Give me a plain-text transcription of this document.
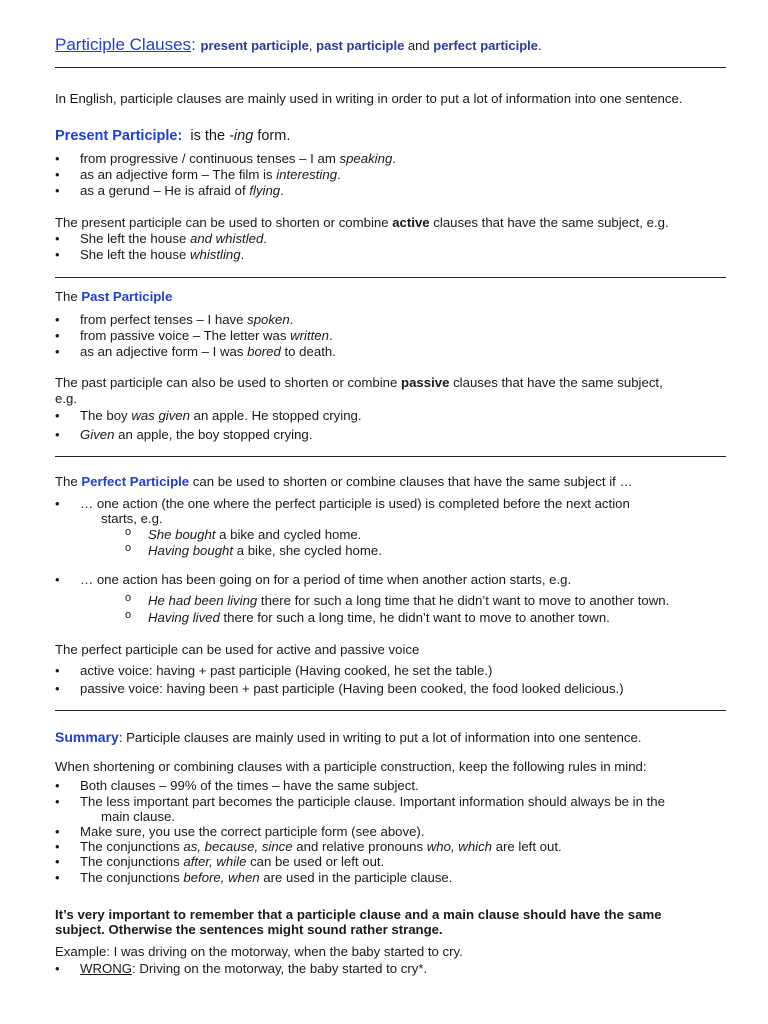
Participle Clauses: present participle, past participle and perfect participle.
In English, participle clauses are mainly used in writing in order to put a lot of information into one sentence.
Present Participle: is the -ing form.
• from progressive / continuous tenses – I am speaking.
• as an adjective form – The film is interesting.
• as a gerund – He is afraid of flying.
The present participle can be used to shorten or combine active clauses that have the same subject, e.g.
• She left the house and whistled.
• She left the house whistling.
The Past Participle
• from perfect tenses – I have spoken.
• from passive voice – The letter was written.
• as an adjective form – I was bored to death.
The past participle can also be used to shorten or combine passive clauses that have the same subject,
e.g.
• The boy was given an apple. He stopped crying.
• Given an apple, the boy stopped crying.
The Perfect Participle can be used to shorten or combine clauses that have the same subject if …
• … one action (the one where the perfect participle is used) is completed before the next action
starts, e.g.
o She bought a bike and cycled home.
o Having bought a bike, she cycled home.
• … one action has been going on for a period of time when another action starts, e.g.
o He had been living there for such a long time that he didn’t want to move to another town.
o Having lived there for such a long time, he didn’t want to move to another town.
The perfect participle can be used for active and passive voice
• active voice: having + past participle (Having cooked, he set the table.)
• passive voice: having been + past participle (Having been cooked, the food looked delicious.)
Summary: Participle clauses are mainly used in writing to put a lot of information into one sentence.
When shortening or combining clauses with a participle construction, keep the following rules in mind:
• Both clauses – 99% of the times – have the same subject.
• The less important part becomes the participle clause. Important information should always be in the
main clause.
• Make sure, you use the correct participle form (see above).
• The conjunctions as, because, since and relative pronouns who, which are left out.
• The conjunctions after, while can be used or left out.
• The conjunctions before, when are used in the participle clause.
It’s very important to remember that a participle clause and a main clause should have the same
subject. Otherwise the sentences might sound rather strange.
Example: I was driving on the motorway, when the baby started to cry.
• WRONG: Driving on the motorway, the baby started to cry*.
